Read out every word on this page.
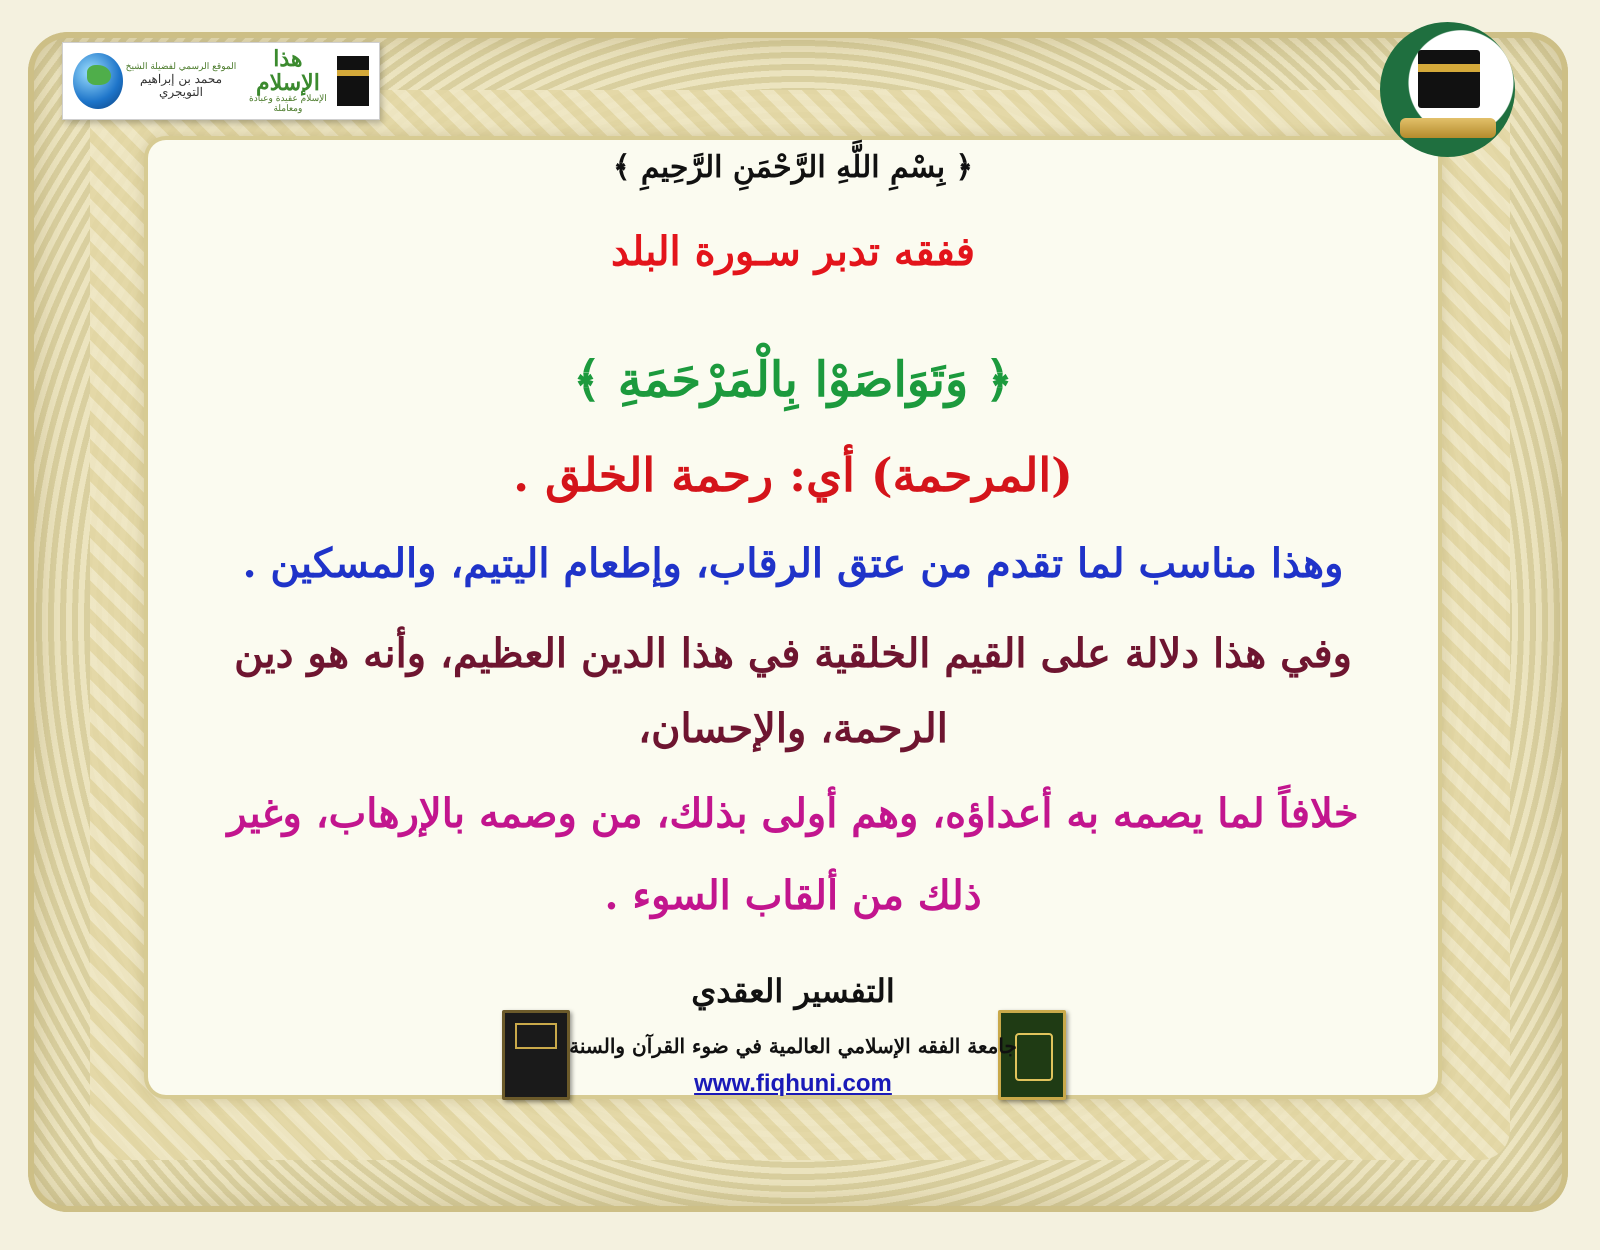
الموقع الرسمي لفضيلة الشيخ
محمد بن إبراهيم التويجري
هذا الإسلام
الإسلام عقيدة وعبادة ومعاملة
﴿ بِسْمِ اللَّهِ الرَّحْمَنِ الرَّحِيمِ ﴾
ففقه تدبر سـورة البلد
﴿ وَتَوَاصَوْا بِالْمَرْحَمَةِ ﴾
(المرحمة) أي: رحمة الخلق .
وهذا مناسب لما تقدم من عتق الرقاب، وإطعام اليتيم، والمسكين .
وفي هذا دلالة على القيم الخلقية في هذا الدين العظيم، وأنه هو دين
الرحمة، والإحسان،
خلافاً لما يصمه به أعداؤه، وهم أولى بذلك، من وصمه بالإرهاب، وغير
ذلك من ألقاب السوء .
التفسير العقدي
جامعة الفقه الإسلامي العالمية في ضوء القرآن والسنة
www.fiqhuni.com
